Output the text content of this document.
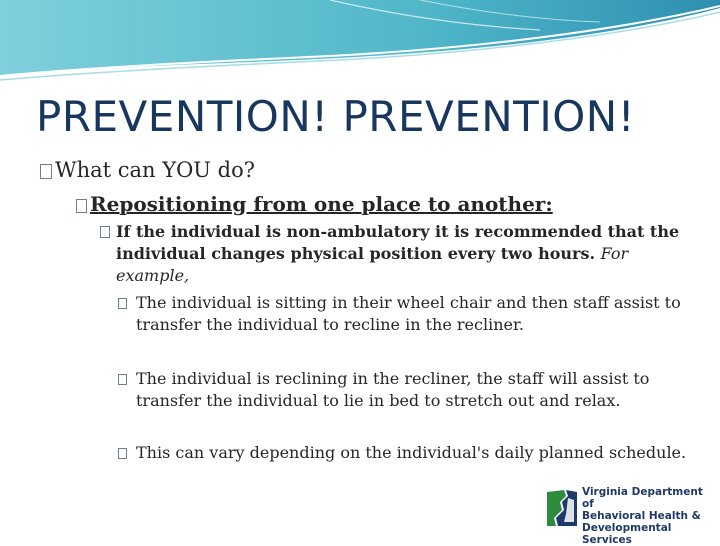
PREVENTION! PREVENTION!
What can YOU do?
Repositioning from one place to another:
If the individual is non-ambulatory it is recommended that the individual changes physical position every two hours. For example,
The individual is sitting in their wheel chair and then staff assist to transfer the individual to recline in the recliner.
The individual is reclining in the recliner, the staff will assist to transfer the individual to lie in bed to stretch out and relax.
This can vary depending on the individual's daily planned schedule.
Virginia Department of
Behavioral Health &
Developmental Services
